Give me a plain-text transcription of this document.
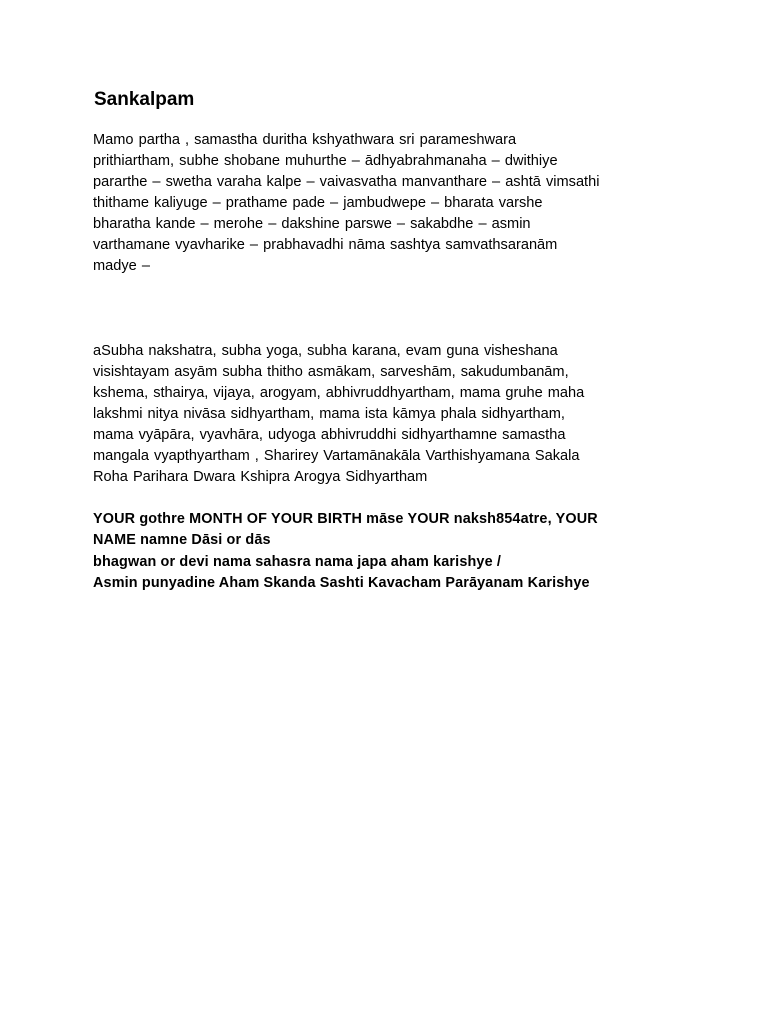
Sankalpam
Mamo partha , samastha duritha kshyathwara sri parameshwara
prithiartham, subhe shobane muhurthe – ādhyabrahmanaha – dwithiye
pararthe – swetha varaha kalpe – vaivasvatha manvanthare – ashtā vimsathi
thithame kaliyuge – prathame pade – jambudwepe – bharata varshe
bharatha kande – merohe – dakshine parswe – sakabdhe – asmin
varthamane vyavharike – prabhavadhi nāma sashtya samvathsaranām
madye –
aSubha nakshatra, subha yoga, subha karana, evam guna visheshana
visishtayam asyām subha thitho asmākam, sarveshām, sakudumbanām,
kshema, sthairya, vijaya, arogyam, abhivruddhyartham, mama gruhe maha
lakshmi nitya nivāsa sidhyartham, mama ista kāmya phala sidhyartham,
mama vyāpāra, vyavhāra, udyoga abhivruddhi sidhyarthamne samastha
mangala vyapthyartham , Sharirey Vartamānakāla Varthishyamana Sakala
Roha Parihara Dwara Kshipra Arogya Sidhyartham
YOUR gothre MONTH OF YOUR BIRTH māse YOUR naksh854atre, YOUR
NAME namne Dāsi or dās
bhagwan or devi nama sahasra nama japa aham karishye /
Asmin punyadine Aham Skanda Sashti Kavacham Parāyanam Karishye
